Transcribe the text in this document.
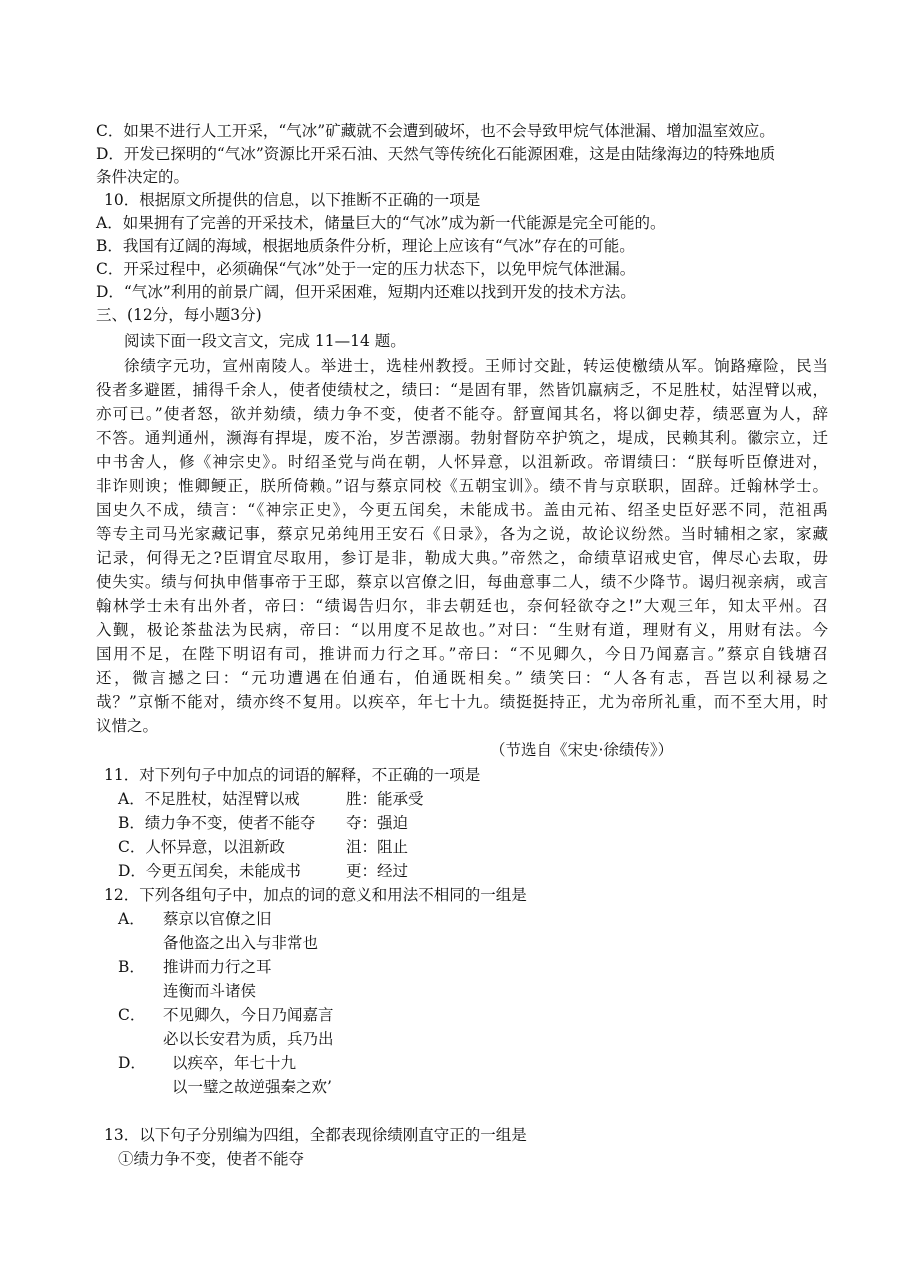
C．如果不进行人工开采，“气冰”矿藏就不会遭到破坏，也不会导致甲烷气体泄漏、增加温室效应。
D．开发已探明的“气冰”资源比开采石油、天然气等传统化石能源困难，这是由陆缘海边的特殊地质
条件决定的。
10．根据原文所提供的信息，以下推断不正确的一项是
A．如果拥有了完善的开采技术，储量巨大的“气冰”成为新一代能源是完全可能的。
B．我国有辽阔的海域，根据地质条件分析，理论上应该有“气冰”存在的可能。
C．开采过程中，必须确保“气冰”处于一定的压力状态下，以免甲烷气体泄漏。
D．“气冰”利用的前景广阔，但开采困难，短期内还难以找到开发的技术方法。
三、(12分，每小题3分)
阅读下面一段文言文，完成 11—14 题。
徐绩字元功，宣州南陵人。举进士，选桂州教授。王师讨交趾，转运使檄绩从军。饷路瘴险，民当
役者多避匿，捕得千余人，使者使绩杖之，绩曰：“是固有罪，然皆饥羸病乏，不足胜杖，姑涅臂以戒，
亦可已。”使者怒，欲并劾绩，绩力争不变，使者不能夺。舒亶闻其名，将以御史荐，绩恶亶为人，辞
不答。通判通州，濒海有捍堤，废不治，岁苦漂溺。勃射督防卒护筑之，堤成，民赖其利。徽宗立，迁
中书舍人，修《神宗史》。时绍圣党与尚在朝，人怀异意，以沮新政。帝谓绩曰：“朕每听臣僚进对，
非诈则谀；惟卿鲠正，朕所倚赖。”诏与蔡京同校《五朝宝训》。绩不肯与京联职，固辞。迁翰林学士。
国史久不成，绩言：“《神宗正史》，今更五闰矣，未能成书。盖由元祐、绍圣史臣好恶不同，范祖禹
等专主司马光家藏记事，蔡京兄弟纯用王安石《日录》，各为之说，故论议纷然。当时辅相之家，家藏
记录，何得无之?臣谓宜尽取用，参订是非，勒成大典。”帝然之，命绩草诏戒史官，俾尽心去取，毋
使失实。绩与何执申偕事帝于王邸，蔡京以宫僚之旧，每曲意事二人，绩不少降节。谒归视亲病，或言
翰林学士未有出外者，帝曰：“绩谒告归尔，非去朝廷也，奈何轻欲夺之!”大观三年，知太平州。召
入觐，极论茶盐法为民病，帝曰：“以用度不足故也。”对曰：“生财有道，理财有义，用财有法。今
国用不足，在陛下明诏有司，推讲而力行之耳。”帝曰：“不见卿久，今日乃闻嘉言。”蔡京自钱塘召
还，微言撼之曰：“元功遭遇在伯通右，伯通既相矣。” 绩笑曰：“人各有志，吾岂以利禄易之
哉？”京惭不能对，绩亦终不复用。以疾卒，年七十九。绩挺挺持正，尤为帝所礼重，而不至大用，时
议惜之。
（节选自《宋史·徐绩传》）
11．对下列句子中加点的词语的解释，不正确的一项是
A．不足胜杖，姑涅臂以戒	胜：能承受
B．绩力争不变，使者不能夺 夺：强迫
C．人怀异意，以沮新政	沮：阻止
D．今更五闰矣，未能成书	更：经过
12．下列各组句子中，加点的词的意义和用法不相同的一组是
A． 蔡京以官僚之旧
备他盗之出入与非常也
B． 推讲而力行之耳
连衡而斗诸侯
C． 不见卿久，今日乃闻嘉言
必以长安君为质，兵乃出
D． 以疾卒，年七十九
以一璧之故逆强秦之欢’
13．以下句子分别编为四组，全都表现徐绩刚直守正的一组是
①绩力争不变，使者不能夺
